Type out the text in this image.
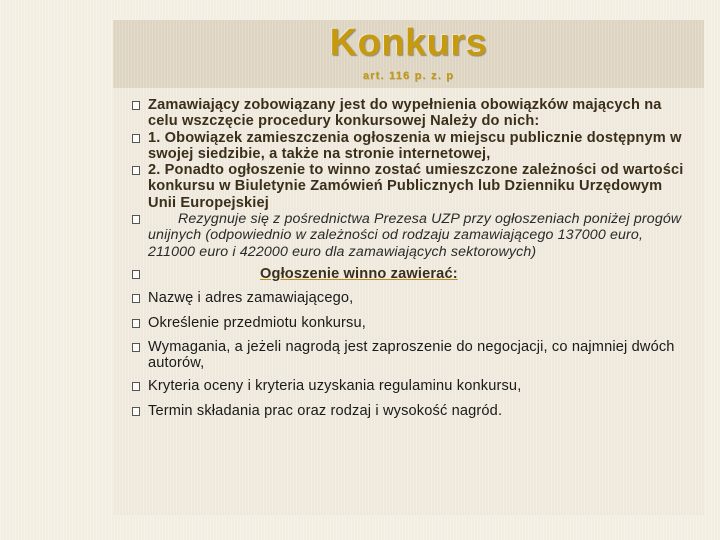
Konkurs
art. 116 p. z. p
Zamawiający zobowiązany jest do wypełnienia obowiązków mających na celu wszczęcie procedury konkursowej Należy do nich:
1. Obowiązek zamieszczenia ogłoszenia w miejscu publicznie dostępnym w swojej siedzibie, a także na stronie internetowej,
2. Ponadto ogłoszenie to winno zostać umieszczone zależności od wartości konkursu w Biuletynie Zamówień Publicznych lub Dzienniku Urzędowym Unii Europejskiej
Rezygnuje się z pośrednictwa Prezesa UZP przy ogłoszeniach poniżej progów unijnych (odpowiednio w zależności od rodzaju zamawiającego 137000 euro, 211000 euro i 422000 euro dla zamawiających sektorowych)
Ogłoszenie winno zawierać:
Nazwę i adres zamawiającego,
Określenie przedmiotu konkursu,
Wymagania, a jeżeli nagrodą jest zaproszenie do negocjacji, co najmniej dwóch autorów,
Kryteria oceny i kryteria uzyskania regulaminu konkursu,
Termin składania prac oraz rodzaj i wysokość nagród.
